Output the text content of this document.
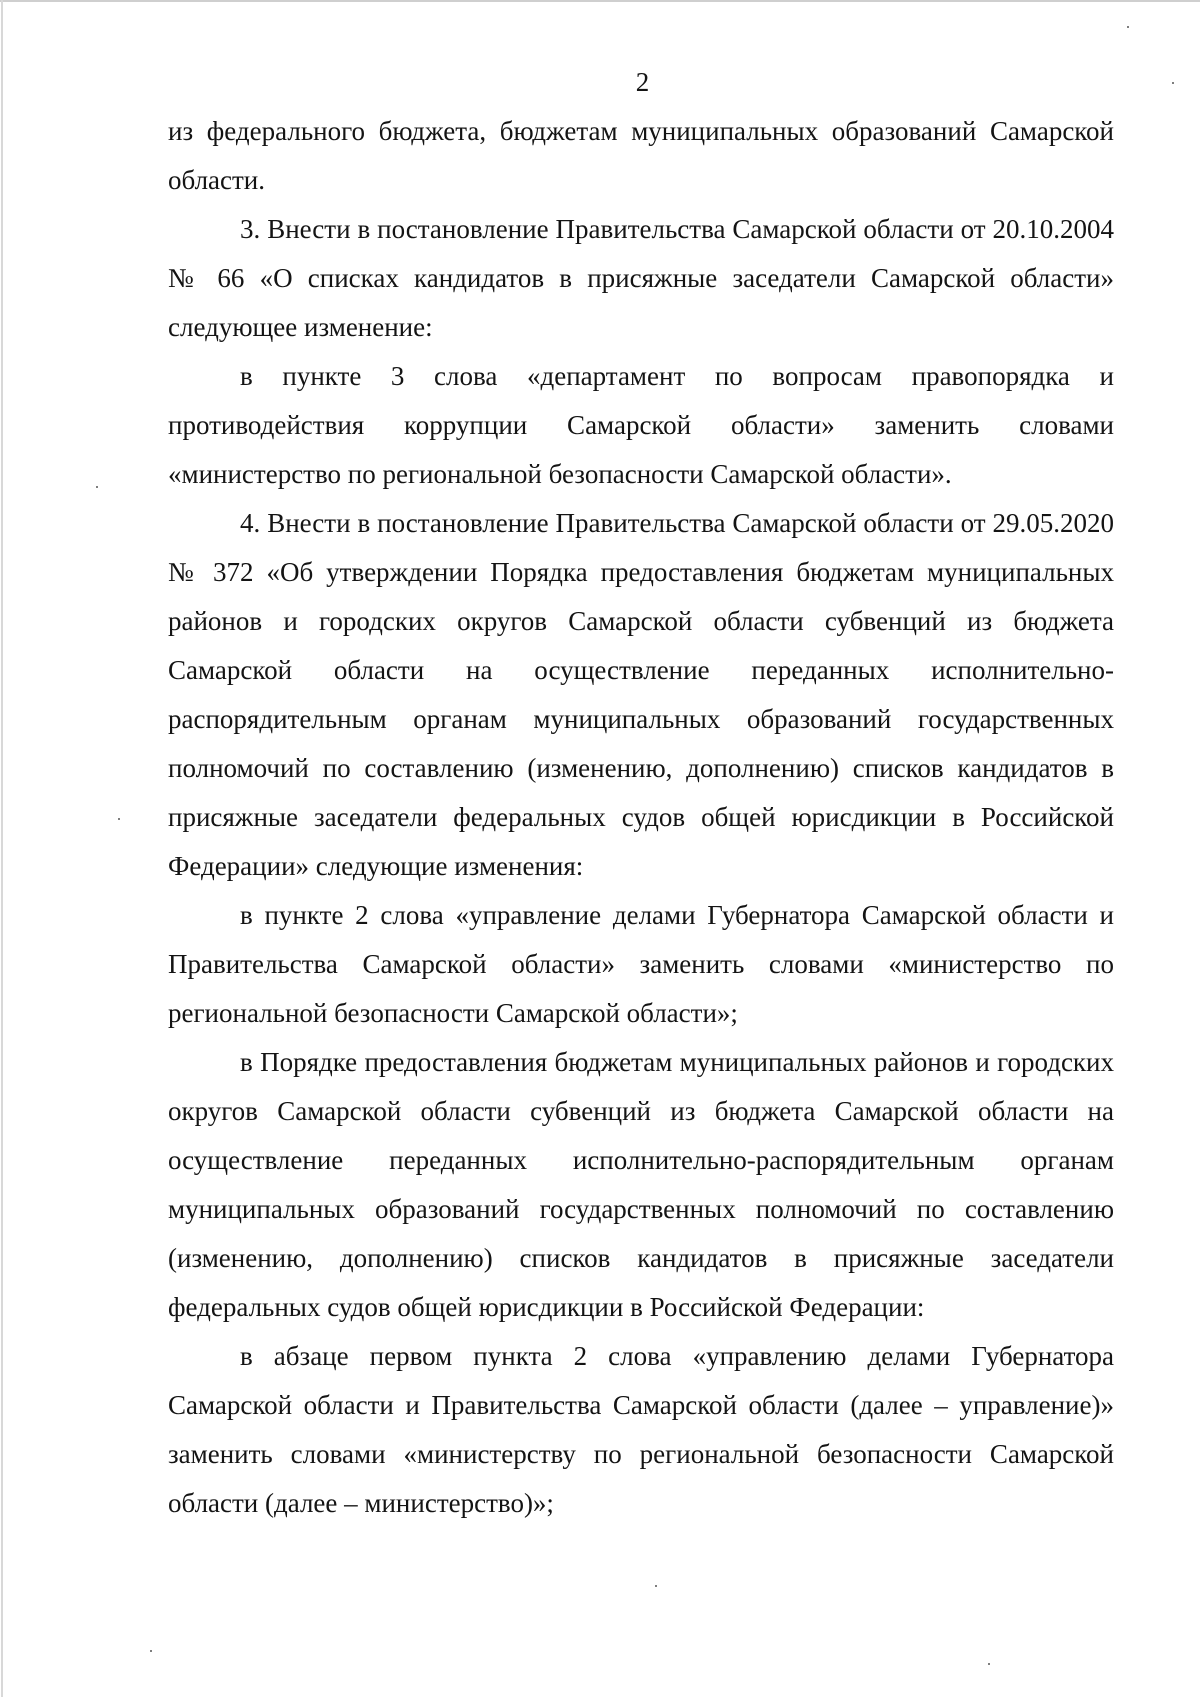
2

из федерального бюджета, бюджетам муниципальных образований Самарской области.

3. Внести в постановление Правительства Самарской области от 20.10.2004 № 66 «О списках кандидатов в присяжные заседатели Самарской области» следующее изменение:

в пункте 3 слова «департамент по вопросам правопорядка и противодействия коррупции Самарской области» заменить словами «министерство по региональной безопасности Самарской области».

4. Внести в постановление Правительства Самарской области от 29.05.2020 № 372 «Об утверждении Порядка предоставления бюджетам муниципальных районов и городских округов Самарской области субвенций из бюджета Самарской области на осуществление переданных исполнительно-распорядительным органам муниципальных образований государственных полномочий по составлению (изменению, дополнению) списков кандидатов в присяжные заседатели федеральных судов общей юрисдикции в Российской Федерации» следующие изменения:

в пункте 2 слова «управление делами Губернатора Самарской области и Правительства Самарской области» заменить словами «министерство по региональной безопасности Самарской области»;

в Порядке предоставления бюджетам муниципальных районов и городских округов Самарской области субвенций из бюджета Самарской области на осуществление переданных исполнительно-распорядительным органам муниципальных образований государственных полномочий по составлению (изменению, дополнению) списков кандидатов в присяжные заседатели федеральных судов общей юрисдикции в Российской Федерации:

в абзаце первом пункта 2 слова «управлению делами Губернатора Самарской области и Правительства Самарской области (далее – управление)» заменить словами «министерству по региональной безопасности Самарской области (далее – министерство)»;
